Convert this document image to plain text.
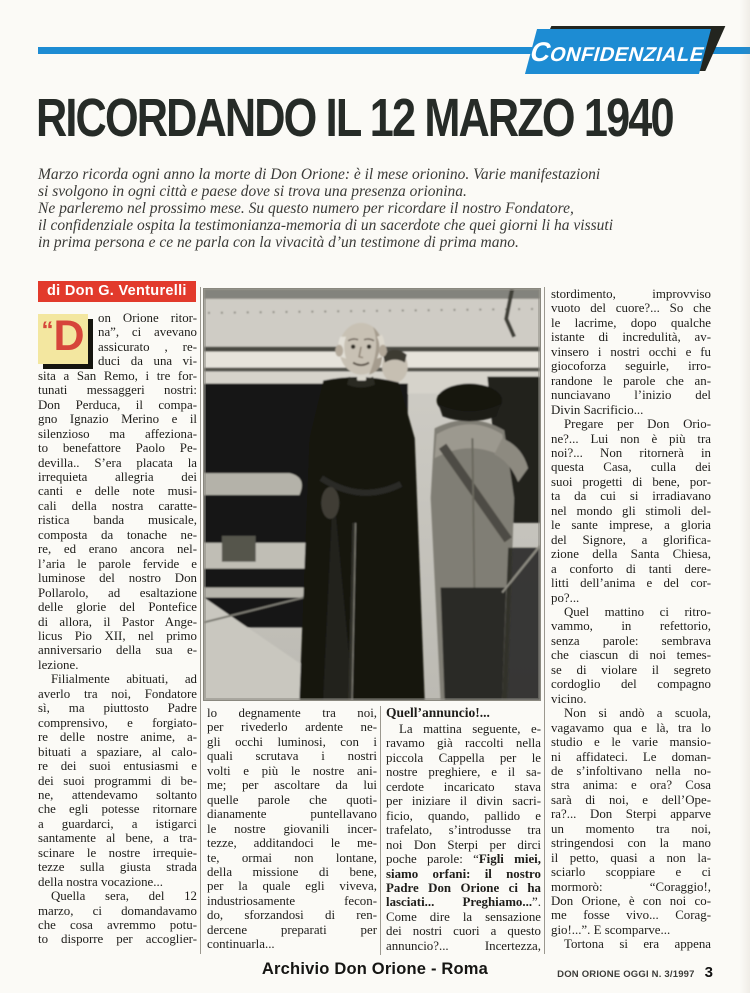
CONFIDENZIALE
RICORDANDO IL 12 MARZO 1940
Marzo ricorda ogni anno la morte di Don Orione: è il mese orionino. Varie manifestazioni
si svolgono in ogni città e paese dove si trova una presenza orionina.
Ne parleremo nel prossimo mese. Su questo numero per ricordare il nostro Fondatore,
il confidenziale ospita la testimonianza-memoria di un sacerdote che quei giorni li ha vissuti
in prima persona e ce ne parla con la vivacità d’un testimone di prima mano.
di Don G. Venturelli
“ D	on Orione ritor-
na”, ci avevano
assicurato , re-
duci da una vi-
sita a San Remo, i tre for-
tunati messaggeri nostri:
Don Perduca, il compa-
gno Ignazio Merino e il
silenzioso ma affeziona-
to benefattore Paolo Pe-
devilla.. S’era placata la
irrequieta allegria dei
canti e delle note musi-
cali della nostra caratte-
ristica banda musicale,
composta da tonache ne-
re, ed erano ancora nel-
l’aria le parole fervide e
luminose del nostro Don
Pollarolo, ad esaltazione
delle glorie del Pontefice
di allora, il Pastor Ange-
licus Pio XII, nel primo
anniversario della sua e-
lezione.
Filialmente abituati, ad
averlo tra noi, Fondatore
sì, ma piuttosto Padre
comprensivo, e forgiato-
re delle nostre anime, a-
bituati a spaziare, al calo-
re dei suoi entusiasmi e
dei suoi programmi di be-
ne, attendevamo soltanto
che egli potesse ritornare
a guardarci, a istigarci
santamente al bene, a tra-
scinare le nostre irrequie-
tezze sulla giusta strada
della nostra vocazione...
Quella sera, del 12
marzo, ci domandavamo
che cosa avremmo potu-
to disporre per accoglier-
lo degnamente tra noi,
per rivederlo ardente ne-
gli occhi luminosi, con i
quali scrutava i nostri
volti e più le nostre ani-
me; per ascoltare da lui
quelle parole che quoti-
dianamente puntellavano
le nostre giovanili incer-
tezze, additandoci le me-
te, ormai non lontane,
della missione di bene,
per la quale egli viveva,
industriosamente fecon-
do, sforzandosi di ren-
dercene preparati per
continuarla...
Quell’annuncio!...
La mattina seguente, e-
ravamo già raccolti nella
piccola Cappella per le
nostre preghiere, e il sa-
cerdote incaricato stava
per iniziare il divin sacri-
ficio, quando, pallido e
trafelato, s’introdusse tra
noi Don Sterpi per dirci
poche parole: “Figli miei,
siamo orfani: il nostro
Padre Don Orione ci ha
lasciati... Preghiamo...”.
Come dire la sensazione
dei nostri cuori a questo
annuncio?... Incertezza,
stordimento, improvviso
vuoto del cuore?... So che
le lacrime, dopo qualche
istante di incredulità, av-
vinsero i nostri occhi e fu
giocoforza seguirle, irro-
randone le parole che an-
nunciavano l’inizio del
Divin Sacrificio...
Pregare per Don Orio-
ne?... Lui non è più tra
noi?... Non ritornerà in
questa Casa, culla dei
suoi progetti di bene, por-
ta da cui si irradiavano
nel mondo gli stimoli del-
le sante imprese, a gloria
del Signore, a glorifica-
zione della Santa Chiesa,
a conforto di tanti dere-
litti dell’anima e del cor-
po?...
Quel mattino ci ritro-
vammo, in refettorio,
senza parole: sembrava
che ciascun di noi temes-
se di violare il segreto
cordoglio del compagno
vicino.
Non si andò a scuola,
vagavamo qua e là, tra lo
studio e le varie mansio-
ni affidateci. Le doman-
de s’infoltivano nella no-
stra anima: e ora? Cosa
sarà di noi, e dell’Ope-
ra?... Don Sterpi apparve
un momento tra noi,
stringendosi con la mano
il petto, quasi a non la-
sciarlo scoppiare e ci
mormorò: “Coraggio!,
Don Orione, è con noi co-
me fosse vivo... Corag-
gio!...”. E scomparve...
Tortona si era appena
Archivio Don Orione - Roma	DON ORIONE OGGI N. 3/1997 3
